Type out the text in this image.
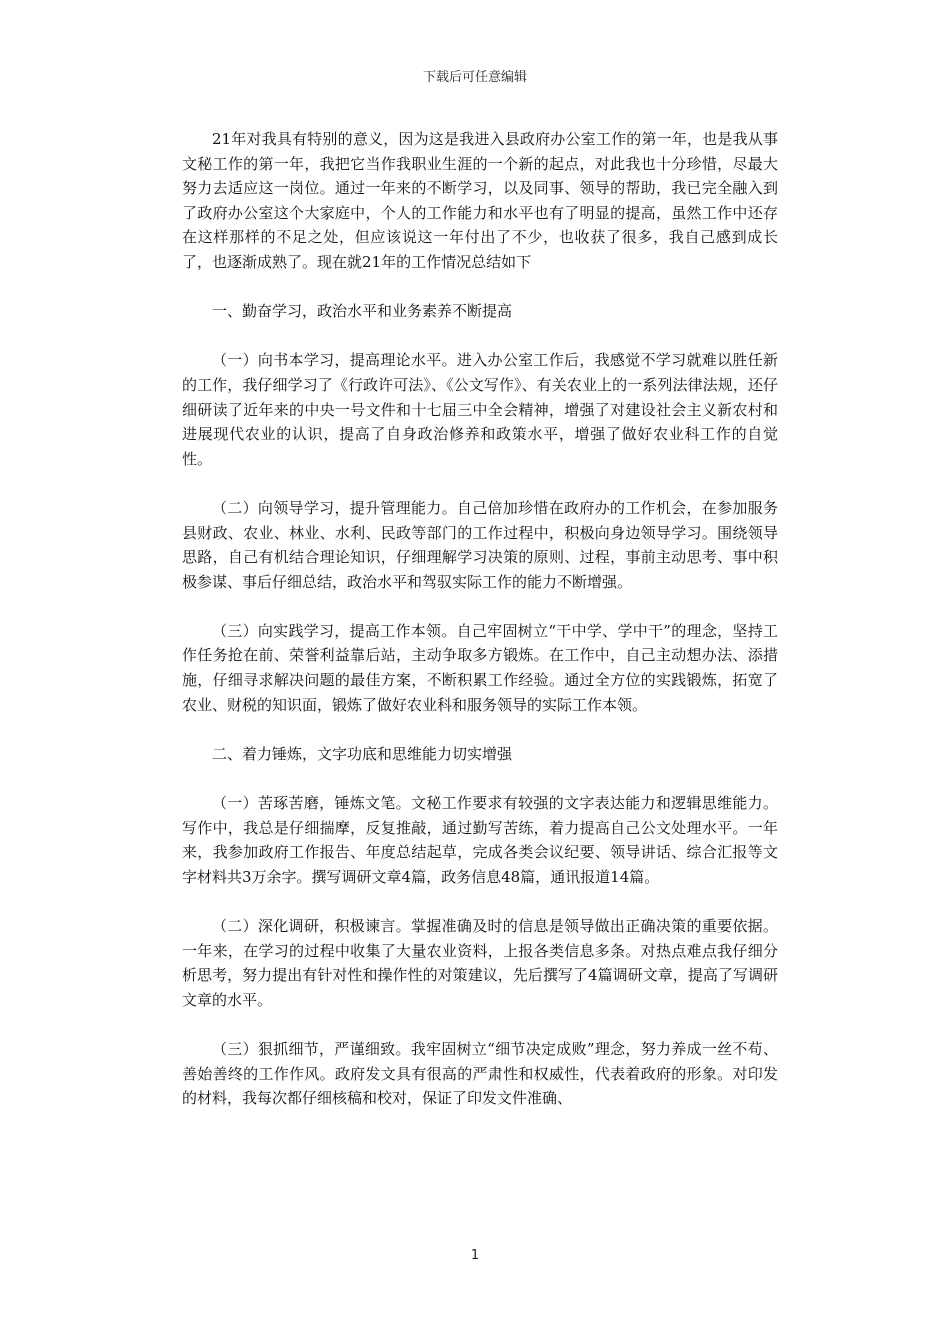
下载后可任意编辑

21年对我具有特别的意义，因为这是我进入县政府办公室工作的第一年，也是我从事文秘工作的第一年，我把它当作我职业生涯的一个新的起点，对此我也十分珍惜，尽最大努力去适应这一岗位。通过一年来的不断学习，以及同事、领导的帮助，我已完全融入到了政府办公室这个大家庭中，个人的工作能力和水平也有了明显的提高，虽然工作中还存在这样那样的不足之处，但应该说这一年付出了不少，也收获了很多，我自己感到成长了，也逐渐成熟了。现在就21年的工作情况总结如下

一、勤奋学习，政治水平和业务素养不断提高

（一）向书本学习，提高理论水平。进入办公室工作后，我感觉不学习就难以胜任新的工作，我仔细学习了《行政许可法》、《公文写作》、有关农业上的一系列法律法规，还仔细研读了近年来的中央一号文件和十七届三中全会精神，增强了对建设社会主义新农村和进展现代农业的认识，提高了自身政治修养和政策水平，增强了做好农业科工作的自觉性。

（二）向领导学习，提升管理能力。自己倍加珍惜在政府办的工作机会，在参加服务县财政、农业、林业、水利、民政等部门的工作过程中，积极向身边领导学习。围绕领导思路，自己有机结合理论知识，仔细理解学习决策的原则、过程，事前主动思考、事中积极参谋、事后仔细总结，政治水平和驾驭实际工作的能力不断增强。

（三）向实践学习，提高工作本领。自己牢固树立“干中学、学中干”的理念，坚持工作任务抢在前、荣誉利益靠后站，主动争取多方锻炼。在工作中，自己主动想办法、添措施，仔细寻求解决问题的最佳方案，不断积累工作经验。通过全方位的实践锻炼，拓宽了农业、财税的知识面，锻炼了做好农业科和服务领导的实际工作本领。

二、着力锤炼，文字功底和思维能力切实增强

（一）苦琢苦磨，锤炼文笔。文秘工作要求有较强的文字表达能力和逻辑思维能力。写作中，我总是仔细揣摩，反复推敲，通过勤写苦练，着力提高自己公文处理水平。一年来，我参加政府工作报告、年度总结起草，完成各类会议纪要、领导讲话、综合汇报等文字材料共3万余字。撰写调研文章4篇，政务信息48篇，通讯报道14篇。

（二）深化调研，积极谏言。掌握准确及时的信息是领导做出正确决策的重要依据。一年来，在学习的过程中收集了大量农业资料，上报各类信息多条。对热点难点我仔细分析思考，努力提出有针对性和操作性的对策建议，先后撰写了4篇调研文章，提高了写调研文章的水平。

（三）狠抓细节，严谨细致。我牢固树立“细节决定成败”理念，努力养成一丝不苟、善始善终的工作作风。政府发文具有很高的严肃性和权威性，代表着政府的形象。对印发的材料，我每次都仔细核稿和校对，保证了印发文件准确、

1
